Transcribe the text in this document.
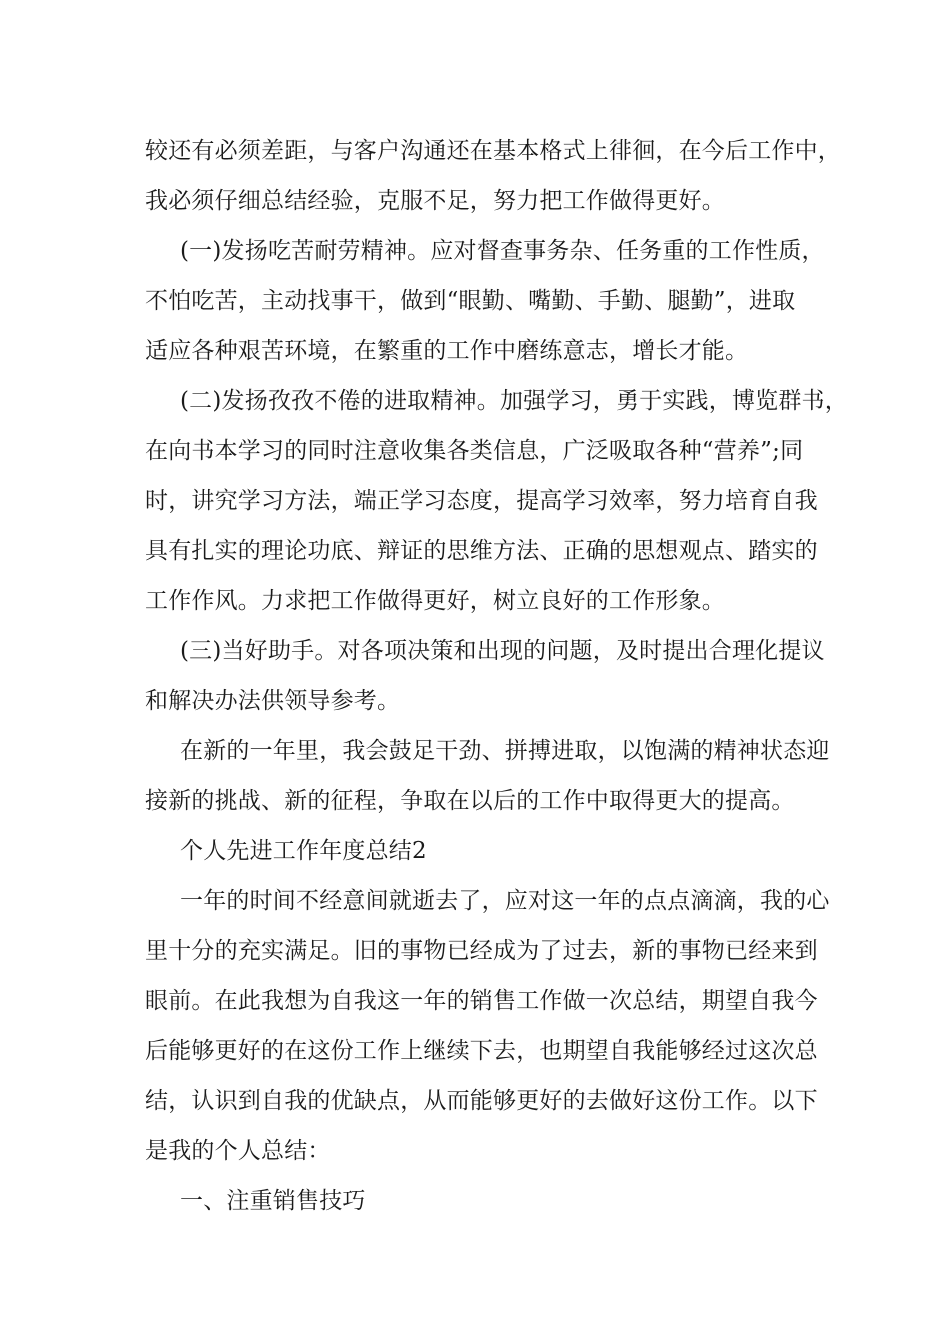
较还有必须差距，与客户沟通还在基本格式上徘徊，在今后工作中，
我必须仔细总结经验，克服不足，努力把工作做得更好。
(一)发扬吃苦耐劳精神。应对督查事务杂、任务重的工作性质，
不怕吃苦，主动找事干，做到“眼勤、嘴勤、手勤、腿勤”，进取
适应各种艰苦环境，在繁重的工作中磨练意志，增长才能。
(二)发扬孜孜不倦的进取精神。加强学习，勇于实践，博览群书，
在向书本学习的同时注意收集各类信息，广泛吸取各种“营养”;同
时，讲究学习方法，端正学习态度，提高学习效率，努力培育自我
具有扎实的理论功底、辩证的思维方法、正确的思想观点、踏实的
工作作风。力求把工作做得更好，树立良好的工作形象。
(三)当好助手。对各项决策和出现的问题，及时提出合理化提议
和解决办法供领导参考。
在新的一年里，我会鼓足干劲、拼搏进取，以饱满的精神状态迎
接新的挑战、新的征程，争取在以后的工作中取得更大的提高。
个人先进工作年度总结2
一年的时间不经意间就逝去了，应对这一年的点点滴滴，我的心
里十分的充实满足。旧的事物已经成为了过去，新的事物已经来到
眼前。在此我想为自我这一年的销售工作做一次总结，期望自我今
后能够更好的在这份工作上继续下去，也期望自我能够经过这次总
结，认识到自我的优缺点，从而能够更好的去做好这份工作。以下
是我的个人总结：
一、注重销售技巧
